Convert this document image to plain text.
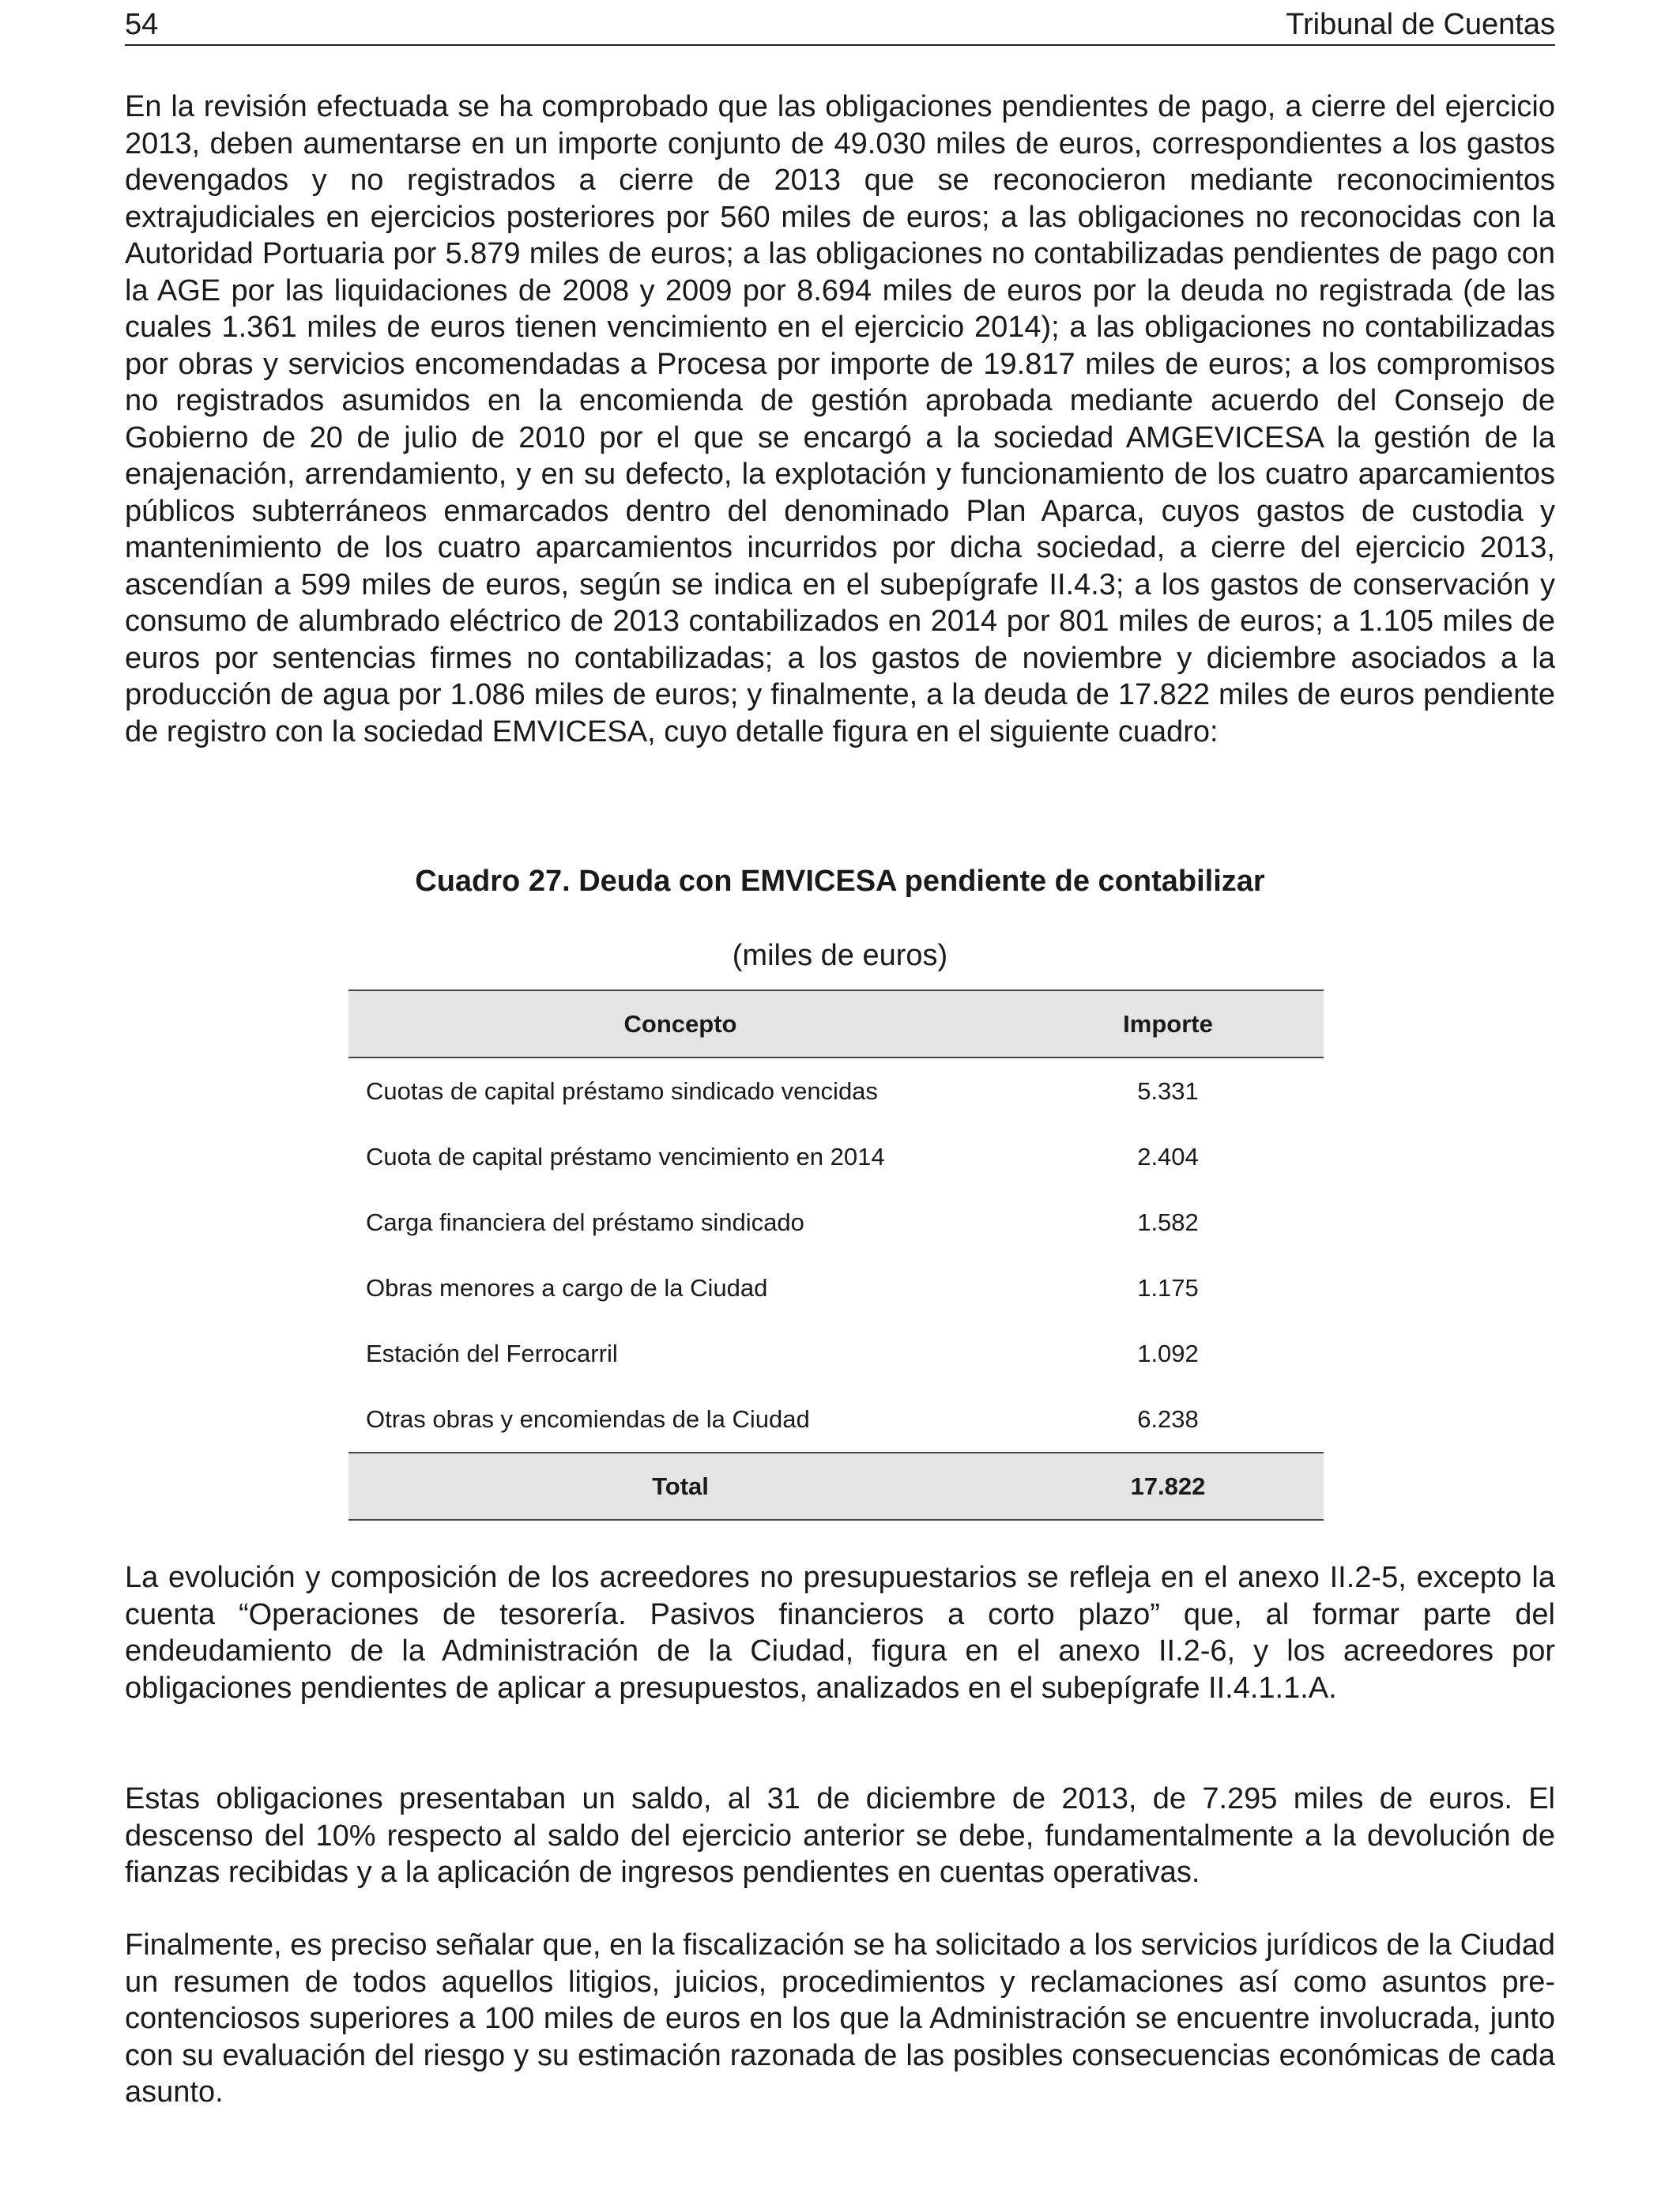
54	Tribunal de Cuentas

En la revisión efectuada se ha comprobado que las obligaciones pendientes de pago, a cierre del ejercicio 2013, deben aumentarse en un importe conjunto de 49.030 miles de euros, correspondientes a los gastos devengados y no registrados a cierre de 2013 que se reconocieron mediante reconocimientos extrajudiciales en ejercicios posteriores por 560 miles de euros; a las obligaciones no reconocidas con la Autoridad Portuaria por 5.879 miles de euros; a las obligaciones no contabilizadas pendientes de pago con la AGE por las liquidaciones de 2008 y 2009 por 8.694 miles de euros por la deuda no registrada (de las cuales 1.361 miles de euros tienen vencimiento en el ejercicio 2014); a las obligaciones no contabilizadas por obras y servicios encomendadas a Procesa por importe de 19.817 miles de euros; a los compromisos no registrados asumidos en la encomienda de gestión aprobada mediante acuerdo del Consejo de Gobierno de 20 de julio de 2010 por el que se encargó a la sociedad AMGEVICESA la gestión de la enajenación, arrendamiento, y en su defecto, la explotación y funcionamiento de los cuatro aparcamientos públicos subterráneos enmarcados dentro del denominado Plan Aparca, cuyos gastos de custodia y mantenimiento de los cuatro aparcamientos incurridos por dicha sociedad, a cierre del ejercicio 2013, ascendían a 599 miles de euros, según se indica en el subepígrafe II.4.3; a los gastos de conservación y consumo de alumbrado eléctrico de 2013 contabilizados en 2014 por 801 miles de euros; a 1.105 miles de euros por sentencias firmes no contabilizadas; a los gastos de noviembre y diciembre asociados a la producción de agua por 1.086 miles de euros; y finalmente, a la deuda de 17.822 miles de euros pendiente de registro con la sociedad EMVICESA, cuyo detalle figura en el siguiente cuadro:

Cuadro 27. Deuda con EMVICESA pendiente de contabilizar
(miles de euros)
Concepto	Importe
Cuotas de capital préstamo sindicado vencidas	5.331
Cuota de capital préstamo vencimiento en 2014	2.404
Carga financiera del préstamo sindicado	1.582
Obras menores a cargo de la Ciudad	1.175
Estación del Ferrocarril	1.092
Otras obras y encomiendas de la Ciudad	6.238
Total	17.822

La evolución y composición de los acreedores no presupuestarios se refleja en el anexo II.2-5, excepto la cuenta “Operaciones de tesorería. Pasivos financieros a corto plazo” que, al formar parte del endeudamiento de la Administración de la Ciudad, figura en el anexo II.2-6, y los acreedores por obligaciones pendientes de aplicar a presupuestos, analizados en el subepígrafe II.4.1.1.A.

Estas obligaciones presentaban un saldo, al 31 de diciembre de 2013, de 7.295 miles de euros. El descenso del 10% respecto al saldo del ejercicio anterior se debe, fundamentalmente a la devolución de fianzas recibidas y a la aplicación de ingresos pendientes en cuentas operativas.

Finalmente, es preciso señalar que, en la fiscalización se ha solicitado a los servicios jurídicos de la Ciudad un resumen de todos aquellos litigios, juicios, procedimientos y reclamaciones así como asuntos pre-contenciosos superiores a 100 miles de euros en los que la Administración se encuentre involucrada, junto con su evaluación del riesgo y su estimación razonada de las posibles consecuencias económicas de cada asunto.
